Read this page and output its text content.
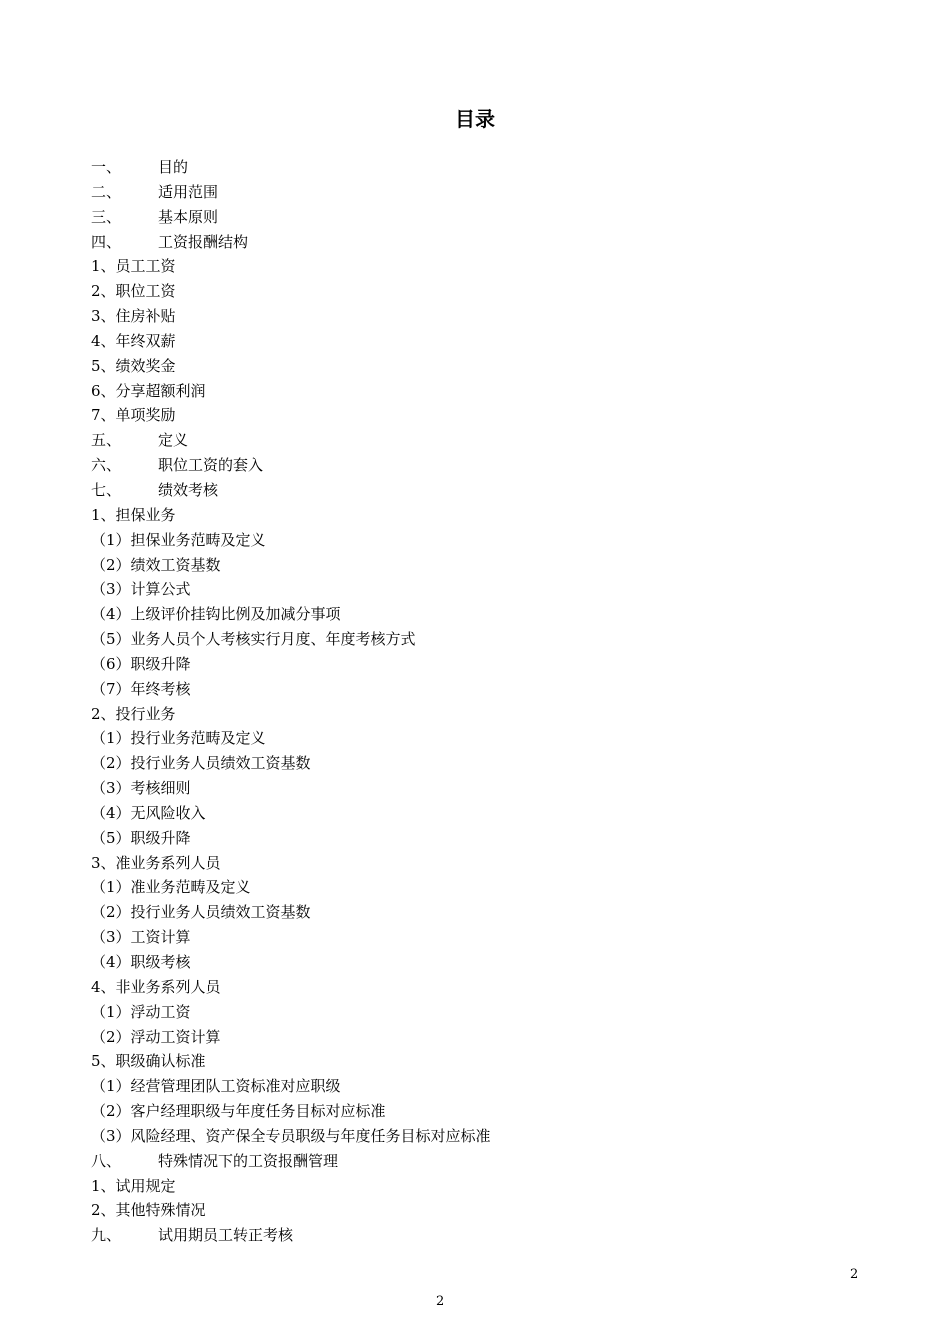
目录
一、 目的
二、 适用范围
三、 基本原则
四、 工资报酬结构
1、员工工资
2、职位工资
3、住房补贴
4、年终双薪
5、绩效奖金
6、分享超额利润
7、单项奖励
五、 定义
六、 职位工资的套入
七、 绩效考核
1、担保业务
（1）担保业务范畴及定义
（2）绩效工资基数
（3）计算公式
（4）上级评价挂钩比例及加减分事项
（5）业务人员个人考核实行月度、年度考核方式
（6）职级升降
（7）年终考核
2、投行业务
（1）投行业务范畴及定义
（2）投行业务人员绩效工资基数
（3）考核细则
（4）无风险收入
（5）职级升降
3、准业务系列人员
（1）准业务范畴及定义
（2）投行业务人员绩效工资基数
（3）工资计算
（4）职级考核
4、非业务系列人员
（1）浮动工资
（2）浮动工资计算
5、职级确认标准
（1）经营管理团队工资标准对应职级
（2）客户经理职级与年度任务目标对应标准
（3）风险经理、资产保全专员职级与年度任务目标对应标准
八、 特殊情况下的工资报酬管理
1、试用规定
2、其他特殊情况
九、 试用期员工转正考核
2
2
